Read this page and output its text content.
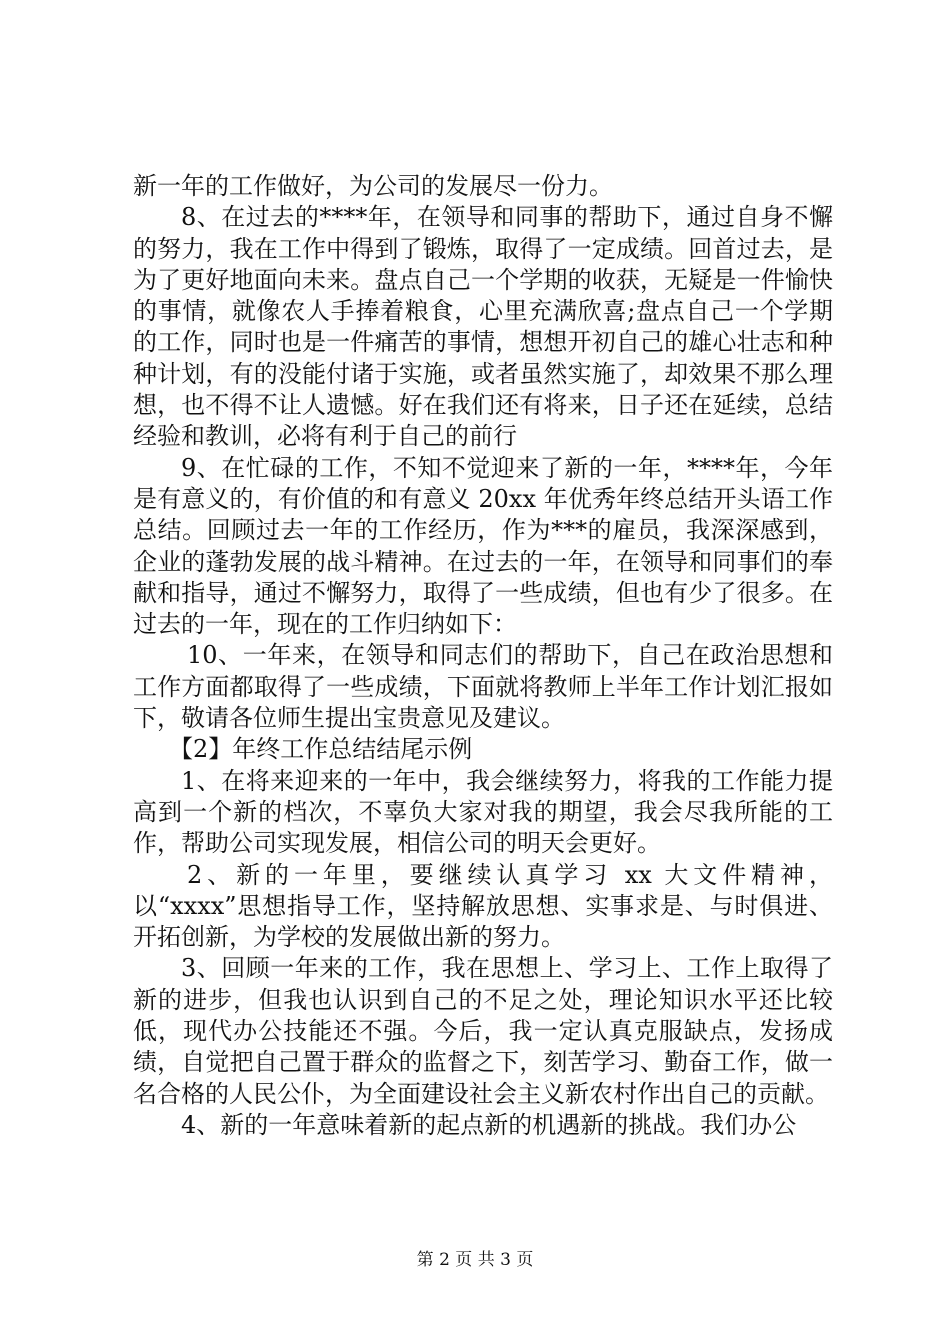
新一年的工作做好，为公司的发展尽一份力。

8、在过去的****年，在领导和同事的帮助下，通过自身不懈的努力，我在工作中得到了锻炼，取得了一定成绩。回首过去，是为了更好地面向未来。盘点自己一个学期的收获，无疑是一件愉快的事情，就像农人手捧着粮食，心里充满欣喜;盘点自己一个学期的工作，同时也是一件痛苦的事情，想想开初自己的雄心壮志和种种计划，有的没能付诸于实施，或者虽然实施了，却效果不那么理想，也不得不让人遗憾。好在我们还有将来，日子还在延续，总结经验和教训，必将有利于自己的前行

9、在忙碌的工作，不知不觉迎来了新的一年，****年，今年是有意义的，有价值的和有意义 20xx 年优秀年终总结开头语工作总结。回顾过去一年的工作经历，作为***的雇员，我深深感到，企业的蓬勃发展的战斗精神。在过去的一年，在领导和同事们的奉献和指导，通过不懈努力，取得了一些成绩，但也有少了很多。在过去的一年，现在的工作归纳如下：

10、一年来，在领导和同志们的帮助下，自己在政治思想和工作方面都取得了一些成绩，下面就将教师上半年工作计划汇报如下，敬请各位师生提出宝贵意见及建议。

【2】年终工作总结结尾示例

1、在将来迎来的一年中，我会继续努力，将我的工作能力提高到一个新的档次，不辜负大家对我的期望，我会尽我所能的工作，帮助公司实现发展，相信公司的明天会更好。

2、新的一年里，要继续认真学习 xx 大文件精神，以“xxxx”思想指导工作，坚持解放思想、实事求是、与时俱进、开拓创新，为学校的发展做出新的努力。

3、回顾一年来的工作，我在思想上、学习上、工作上取得了新的进步，但我也认识到自己的不足之处，理论知识水平还比较低，现代办公技能还不强。今后，我一定认真克服缺点，发扬成绩，自觉把自己置于群众的监督之下，刻苦学习、勤奋工作，做一名合格的人民公仆，为全面建设社会主义新农村作出自己的贡献。

4、新的一年意味着新的起点新的机遇新的挑战。我们办公

第 2 页 共 3 页
